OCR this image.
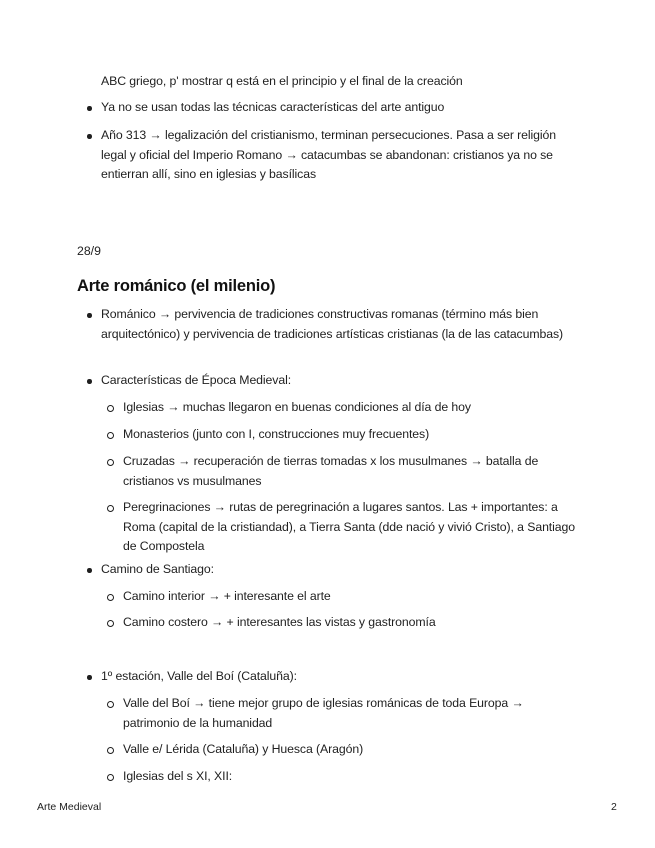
ABC griego, p' mostrar q está en el principio y el final de la creación
Ya no se usan todas las técnicas características del arte antiguo
Año 313 → legalización del cristianismo, terminan persecuciones. Pasa a ser religión legal y oficial del Imperio Romano → catacumbas se abandonan: cristianos ya no se entierran allí, sino en iglesias y basílicas
28/9
Arte románico (el milenio)
Románico → pervivencia de tradiciones constructivas romanas (término más bien arquitectónico) y pervivencia de tradiciones artísticas cristianas (la de las catacumbas)
Características de Época Medieval:
Iglesias → muchas llegaron en buenas condiciones al día de hoy
Monasterios (junto con I, construcciones muy frecuentes)
Cruzadas → recuperación de tierras tomadas x los musulmanes → batalla de cristianos vs musulmanes
Peregrinaciones → rutas de peregrinación a lugares santos. Las + importantes: a Roma (capital de la cristiandad), a Tierra Santa (dde nació y vivió Cristo), a Santiago de Compostela
Camino de Santiago:
Camino interior → + interesante el arte
Camino costero → + interesantes las vistas y gastronomía
1º estación, Valle del Boí (Cataluña):
Valle del Boí → tiene mejor grupo de iglesias románicas de toda Europa → patrimonio de la humanidad
Valle e/ Lérida (Cataluña) y Huesca (Aragón)
Iglesias del s XI, XII:
Arte Medieval	2
